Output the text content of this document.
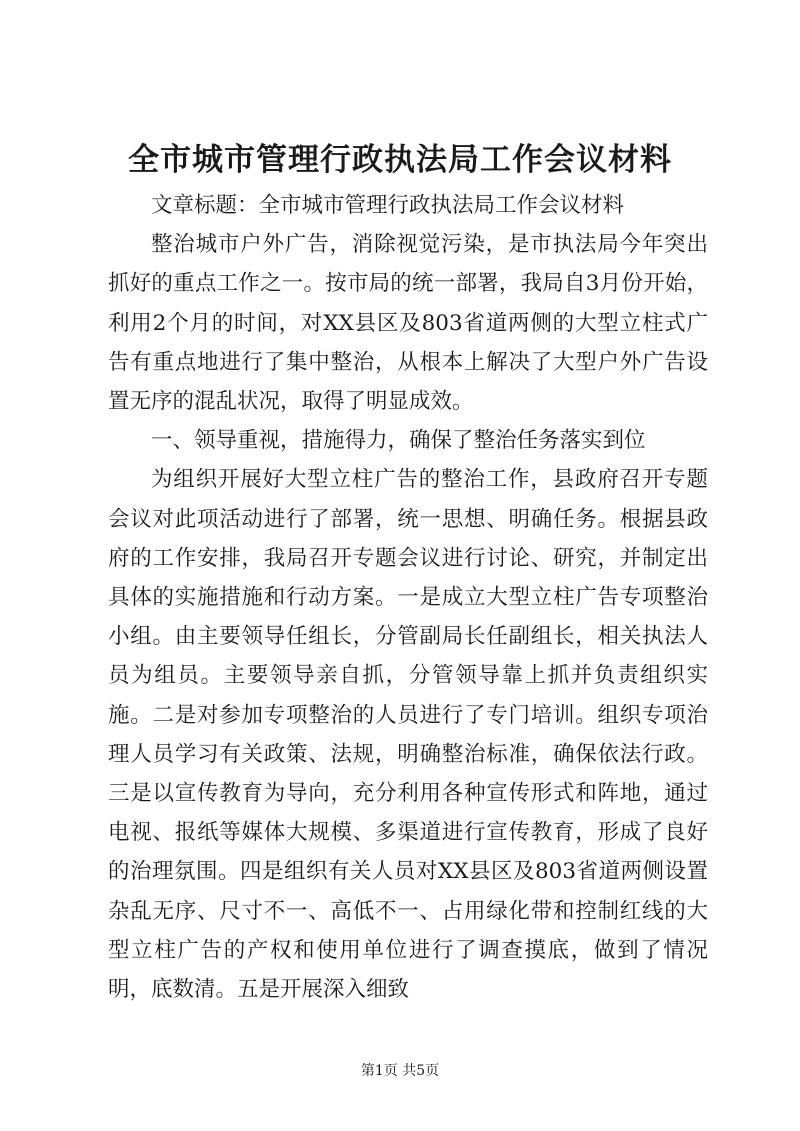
全市城市管理行政执法局工作会议材料

文章标题：全市城市管理行政执法局工作会议材料

整治城市户外广告，消除视觉污染，是市执法局今年突出抓好的重点工作之一。按市局的统一部署，我局自3月份开始，利用2个月的时间，对XX县区及803省道两侧的大型立柱式广告有重点地进行了集中整治，从根本上解决了大型户外广告设置无序的混乱状况，取得了明显成效。

一、领导重视，措施得力，确保了整治任务落实到位

为组织开展好大型立柱广告的整治工作，县政府召开专题会议对此项活动进行了部署，统一思想、明确任务。根据县政府的工作安排，我局召开专题会议进行讨论、研究，并制定出具体的实施措施和行动方案。一是成立大型立柱广告专项整治小组。由主要领导任组长，分管副局长任副组长，相关执法人员为组员。主要领导亲自抓，分管领导靠上抓并负责组织实施。二是对参加专项整治的人员进行了专门培训。组织专项治理人员学习有关政策、法规，明确整治标准，确保依法行政。三是以宣传教育为导向，充分利用各种宣传形式和阵地，通过电视、报纸等媒体大规模、多渠道进行宣传教育，形成了良好的治理氛围。四是组织有关人员对XX县区及803省道两侧设置杂乱无序、尺寸不一、高低不一、占用绿化带和控制红线的大型立柱广告的产权和使用单位进行了调查摸底，做到了情况明，底数清。五是开展深入细致

第1页 共5页
